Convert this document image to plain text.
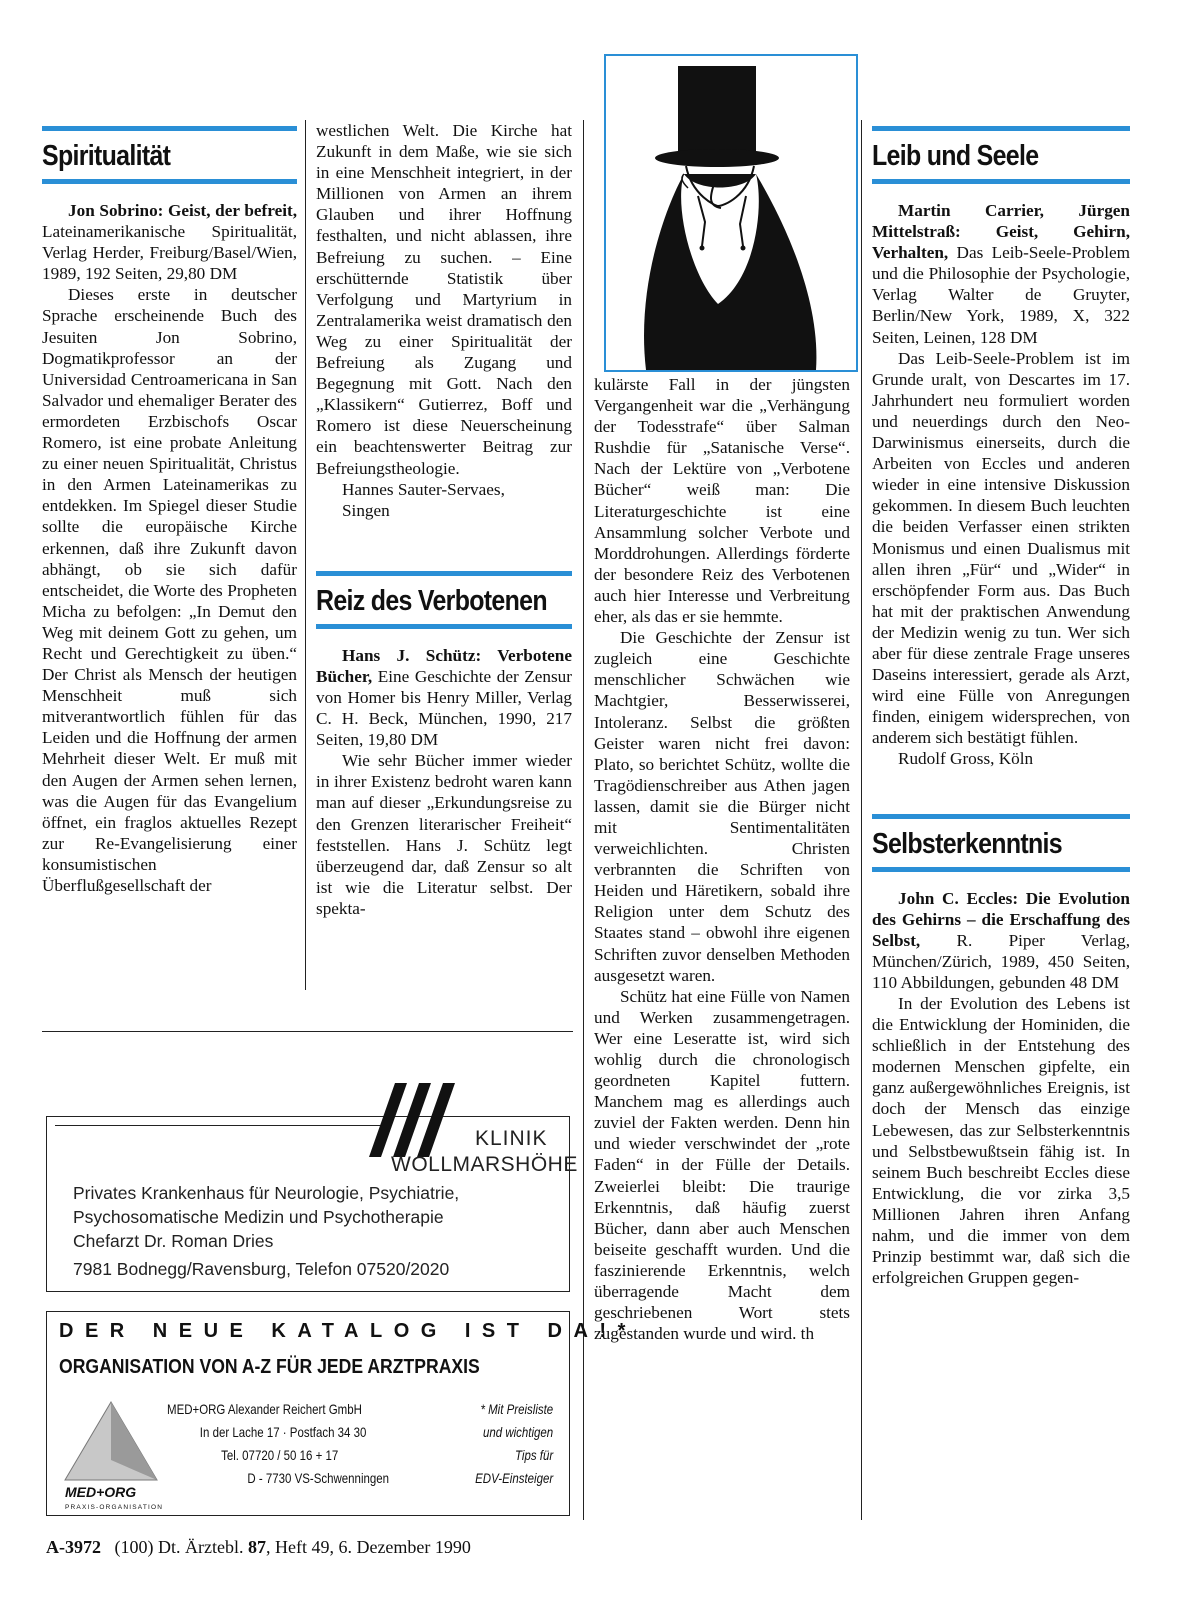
Spiritualität

Jon Sobrino: Geist, der befreit, Lateinamerikanische Spiritualität, Verlag Herder, Freiburg/Basel/Wien, 1989, 192 Seiten, 29,80 DM

Dieses erste in deutscher Sprache erscheinende Buch des Jesuiten Jon Sobrino, Dogmatikprofessor an der Universidad Centroamericana in San Salvador und ehemaliger Berater des ermordeten Erzbischofs Oscar Romero, ist eine probate Anleitung zu einer neuen Spiritualität, Christus in den Armen Lateinamerikas zu entdekken. Im Spiegel dieser Studie sollte die europäische Kirche erkennen, daß ihre Zukunft davon abhängt, ob sie sich dafür entscheidet, die Worte des Propheten Micha zu befolgen: „In Demut den Weg mit deinem Gott zu gehen, um Recht und Gerechtigkeit zu üben.“ Der Christ als Mensch der heutigen Menschheit muß sich mitverantwortlich fühlen für das Leiden und die Hoffnung der armen Mehrheit dieser Welt. Er muß mit den Augen der Armen sehen lernen, was die Augen für das Evangelium öffnet, ein fraglos aktuelles Rezept zur Re-Evangelisierung einer konsumistischen Überflußgesellschaft der

westlichen Welt. Die Kirche hat Zukunft in dem Maße, wie sie sich in eine Menschheit integriert, in der Millionen von Armen an ihrem Glauben und ihrer Hoffnung festhalten, und nicht ablassen, ihre Befreiung zu suchen. – Eine erschütternde Statistik über Verfolgung und Martyrium in Zentralamerika weist dramatisch den Weg zu einer Spiritualität der Befreiung als Zugang und Begegnung mit Gott. Nach den „Klassikern“ Gutierrez, Boff und Romero ist diese Neuerscheinung ein beachtenswerter Beitrag zur Befreiungstheologie.

Hannes Sauter-Servaes,

Singen

Reiz des Verbotenen

Hans J. Schütz: Verbotene Bücher, Eine Geschichte der Zensur von Homer bis Henry Miller, Verlag C. H. Beck, München, 1990, 217 Seiten, 19,80 DM

Wie sehr Bücher immer wieder in ihrer Existenz bedroht waren kann man auf dieser „Erkundungsreise zu den Grenzen literarischer Freiheit“ feststellen. Hans J. Schütz legt überzeugend dar, daß Zensur so alt ist wie die Literatur selbst. Der spekta-

kulärste Fall in der jüngsten Vergangenheit war die „Verhängung der Todesstrafe“ über Salman Rushdie für „Satanische Verse“. Nach der Lektüre von „Verbotene Bücher“ weiß man: Die Literaturgeschichte ist eine Ansammlung solcher Verbote und Morddrohungen. Allerdings förderte der besondere Reiz des Verbotenen auch hier Interesse und Verbreitung eher, als das er sie hemmte.

Die Geschichte der Zensur ist zugleich eine Geschichte menschlicher Schwächen wie Machtgier, Besserwisserei, Intoleranz. Selbst die größten Geister waren nicht frei davon: Plato, so berichtet Schütz, wollte die Tragödienschreiber aus Athen jagen lassen, damit sie die Bürger nicht mit Sentimentalitäten verweichlichten. Christen verbrannten die Schriften von Heiden und Häretikern, sobald ihre Religion unter dem Schutz des Staates stand – obwohl ihre eigenen Schriften zuvor denselben Methoden ausgesetzt waren.

Schütz hat eine Fülle von Namen und Werken zusammengetragen. Wer eine Leseratte ist, wird sich wohlig durch die chronologisch geordneten Kapitel futtern. Manchem mag es allerdings auch zuviel der Fakten werden. Denn hin und wieder verschwindet der „rote Faden“ in der Fülle der Details. Zweierlei bleibt: Die traurige Erkenntnis, daß häufig zuerst Bücher, dann aber auch Menschen beiseite geschafft wurden. Und die faszinierende Erkenntnis, welch überragende Macht dem geschriebenen Wort stets zugestanden wurde und wird. th

Leib und Seele

Martin Carrier, Jürgen Mittelstraß: Geist, Gehirn, Verhalten, Das Leib-Seele-Problem und die Philosophie der Psychologie, Verlag Walter de Gruyter, Berlin/New York, 1989, X, 322 Seiten, Leinen, 128 DM

Das Leib-Seele-Problem ist im Grunde uralt, von Descartes im 17. Jahrhundert neu formuliert worden und neuerdings durch den Neo-Darwinismus einerseits, durch die Arbeiten von Eccles und anderen wieder in eine intensive Diskussion gekommen. In diesem Buch leuchten die beiden Verfasser einen strikten Monismus und einen Dualismus mit allen ihren „Für“ und „Wider“ in erschöpfender Form aus. Das Buch hat mit der praktischen Anwendung der Medizin wenig zu tun. Wer sich aber für diese zentrale Frage unseres Daseins interessiert, gerade als Arzt, wird eine Fülle von Anregungen finden, einigem widersprechen, von anderem sich bestätigt fühlen.

Rudolf Gross, Köln

Selbsterkenntnis

John C. Eccles: Die Evolution des Gehirns – die Erschaffung des Selbst, R. Piper Verlag, München/Zürich, 1989, 450 Seiten, 110 Abbildungen, gebunden 48 DM

In der Evolution des Lebens ist die Entwicklung der Hominiden, die schließlich in der Entstehung des modernen Menschen gipfelte, ein ganz außergewöhnliches Ereignis, ist doch der Mensch das einzige Lebewesen, das zur Selbsterkenntnis und Selbstbewußtsein fähig ist. In seinem Buch beschreibt Eccles diese Entwicklung, die vor zirka 3,5 Millionen Jahren ihren Anfang nahm, und die immer von dem Prinzip bestimmt war, daß sich die erfolgreichen Gruppen gegen-

KLINIK
WOLLMARSHÖHE
Privates Krankenhaus für Neurologie, Psychiatrie,
Psychosomatische Medizin und Psychotherapie
Chefarzt Dr. Roman Dries
7981 Bodnegg/Ravensburg, Telefon 07520/2020
DER NEUE KATALOG IST DA!*
ORGANISATION VON A-Z FÜR JEDE ARZTPRAXIS
MED+ORG
PRAXIS-ORGANISATION
MED+ORG Alexander Reichert GmbH
In der Lache 17 · Postfach 34 30
Tel. 07720 / 50 16 + 17
D - 7730 VS-Schwenningen
* Mit Preisliste
und wichtigen
Tips für
EDV-Einsteiger
A-3972 (100) Dt. Ärztebl. 87, Heft 49, 6. Dezember 1990
